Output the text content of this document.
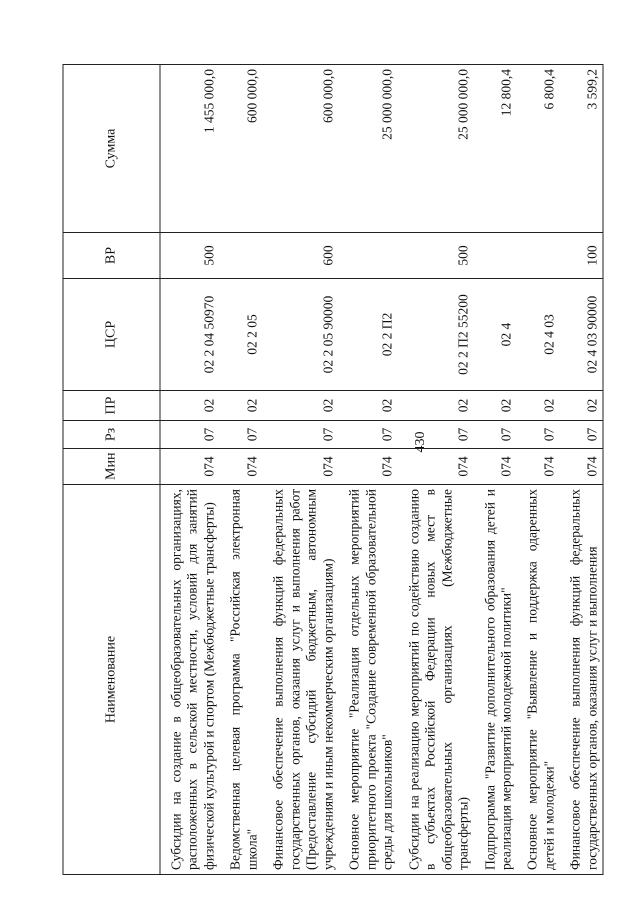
430
Наименование	Мин	Рз	ПР	ЦСР	ВР	Сумма

Субсидии на создание в общеобразовательных организациях, расположенных в сельской местности, условий для занятий физической культурой и спортом (Межбюджетные трансферты)	074	07	02	02 2 04 50970	500	1 455 000,0

Ведомственная целевая программа "Российская электронная школа"	074	07	02	02 2 05		600 000,0

Финансовое обеспечение выполнения функций федеральных государственных органов, оказания услуг и выполнения работ (Предоставление субсидий бюджетным, автономным учреждениям и иным некоммерческим организациям)	074	07	02	02 2 05 90000	600	600 000,0

Основное мероприятие "Реализация отдельных мероприятий приоритетного проекта "Создание современной образовательной среды для школьников"	074	07	02	02 2 П2		25 000 000,0

Субсидии на реализацию мероприятий по содействию созданию в субъектах Российской Федерации новых мест в общеобразовательных организациях (Межбюджетные трансферты)	074	07	02	02 2 П2 55200	500	25 000 000,0

Подпрограмма "Развитие дополнительного образования детей и реализация мероприятий молодежной политики"	074	07	02	02 4		12 800,4

Основное мероприятие "Выявление и поддержка одаренных детей и молодежи"	074	07	02	02 4 03		6 800,4

Финансовое обеспечение выполнения функций федеральных государственных органов, оказания услуг и выполнения	074	07	02	02 4 03 90000	100	3 599,2
